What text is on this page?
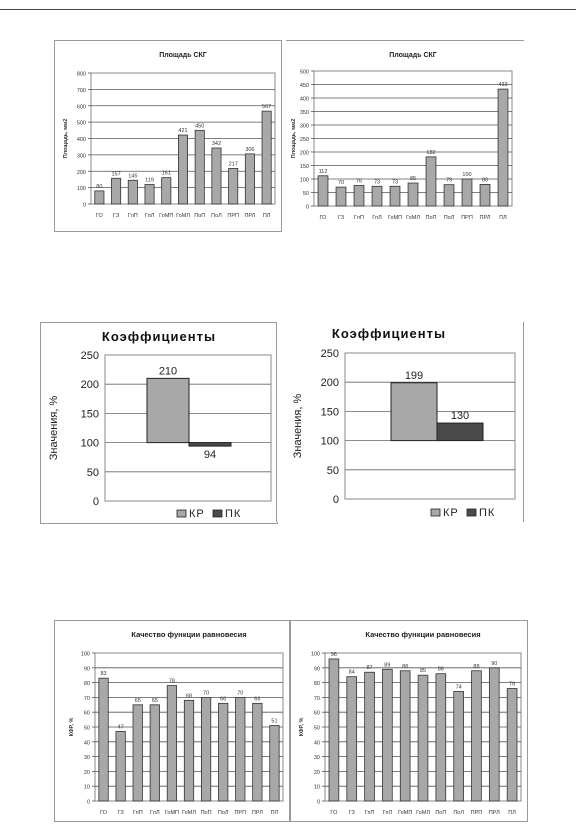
Площадь СКГ
0
100
200
300
400
500
600
700
800
Площадь, мм2
80
ГО
157
ГЗ
145
ГпП
119
ГпЛ
161
ГоМП
421
ГоМЛ
450
ПоП
342
ПоЛ
217
ПРП
306
ПРЛ
567
ПЛ
Площадь СКГ
0
50
100
150
200
250
300
350
400
450
500
Площадь, мм2
112
ГО
70
ГЗ
76
ГпП
73
ГпЛ
73
ГоМП
85
ГоМЛ
182
ПоП
79
ПоЛ
100
ПРП
80
ПРЛ
433
ПЛ
Коэффициенты
0
50
100
150
200
250
Значения, %
210
КР
94
ПК
Коэффициенты
0
50
100
150
200
250
Значения, %
199
КР
130
ПК
Качество функции равновесия
0
10
20
30
40
50
60
70
80
90
100
КФР, %
83
ГО
47
ГЗ
65
ГпП
65
ГпЛ
78
ГоМП
68
ГоМЛ
70
ПоП
66
ПоЛ
70
ПРП
66
ПРЛ
51
ПЛ
Качество функции равновесия
0
10
20
30
40
50
60
70
80
90
100
КФР, %
96
ГО
84
ГЗ
87
ГпП
89
ГпЛ
88
ГоМП
85
ГоМЛ
86
ПоП
74
ПоЛ
88
ПРП
90
ПРЛ
76
ПЛ
